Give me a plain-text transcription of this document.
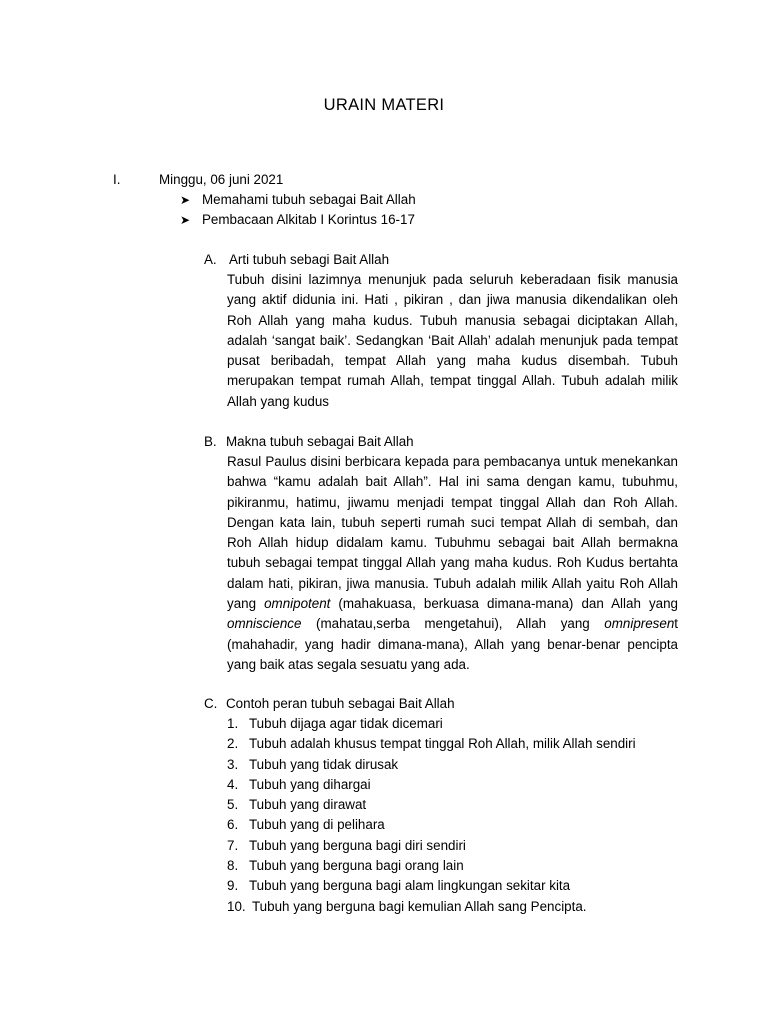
URAIN MATERI
I.	Minggu, 06 juni 2021
➤ Memahami tubuh sebagai Bait Allah
➤ Pembacaan Alkitab I Korintus 16-17
A. Arti tubuh sebagi Bait Allah

Tubuh disini lazimnya menunjuk pada seluruh keberadaan fisik manusia yang aktif didunia ini. Hati , pikiran , dan jiwa manusia dikendalikan oleh Roh Allah yang maha kudus. Tubuh manusia sebagai diciptakan Allah, adalah ‘sangat baik’. Sedangkan ‘Bait Allah’ adalah menunjuk pada tempat pusat beribadah, tempat Allah yang maha kudus disembah. Tubuh merupakan tempat rumah Allah, tempat tinggal Allah. Tubuh adalah milik Allah yang kudus

B. Makna tubuh sebagai Bait Allah

Rasul Paulus disini berbicara kepada para pembacanya untuk menekankan bahwa “kamu adalah bait Allah”. Hal ini sama dengan kamu, tubuhmu, pikiranmu, hatimu, jiwamu menjadi tempat tinggal Allah dan Roh Allah. Dengan kata lain, tubuh seperti rumah suci tempat Allah di sembah, dan Roh Allah hidup didalam kamu. Tubuhmu sebagai bait Allah bermakna tubuh sebagai tempat tinggal Allah yang maha kudus. Roh Kudus bertahta dalam hati, pikiran, jiwa manusia. Tubuh adalah milik Allah yaitu Roh Allah yang omnipotent (mahakuasa, berkuasa dimana-mana) dan Allah yang omniscience (mahatau,serba mengetahui), Allah yang omnipresent (mahahadir, yang hadir dimana-mana), Allah yang benar-benar pencipta yang baik atas segala sesuatu yang ada.

C. Contoh peran tubuh sebagai Bait Allah
1. Tubuh dijaga agar tidak dicemari
2. Tubuh adalah khusus tempat tinggal Roh Allah, milik Allah sendiri
3. Tubuh yang tidak dirusak
4. Tubuh yang dihargai
5. Tubuh yang dirawat
6. Tubuh yang di pelihara
7. Tubuh yang berguna bagi diri sendiri
8. Tubuh yang berguna bagi orang lain
9. Tubuh yang berguna bagi alam lingkungan sekitar kita
10. Tubuh yang berguna bagi kemulian Allah sang Pencipta.
